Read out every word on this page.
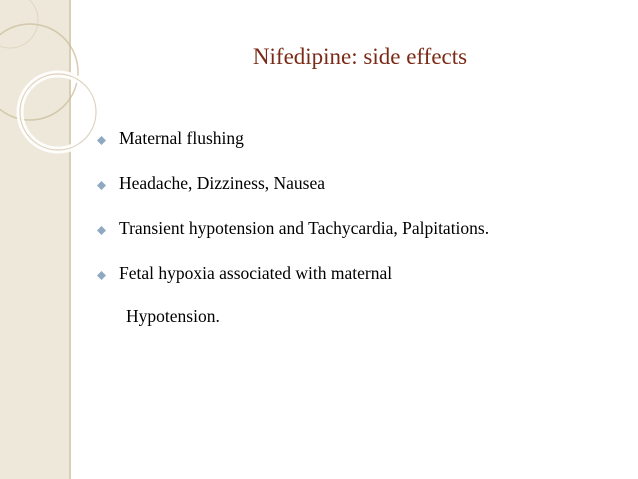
Nifedipine: side effects
Maternal flushing
Headache, Dizziness, Nausea
Transient hypotension and Tachycardia, Palpitations.
Fetal hypoxia associated with maternal
Hypotension.
